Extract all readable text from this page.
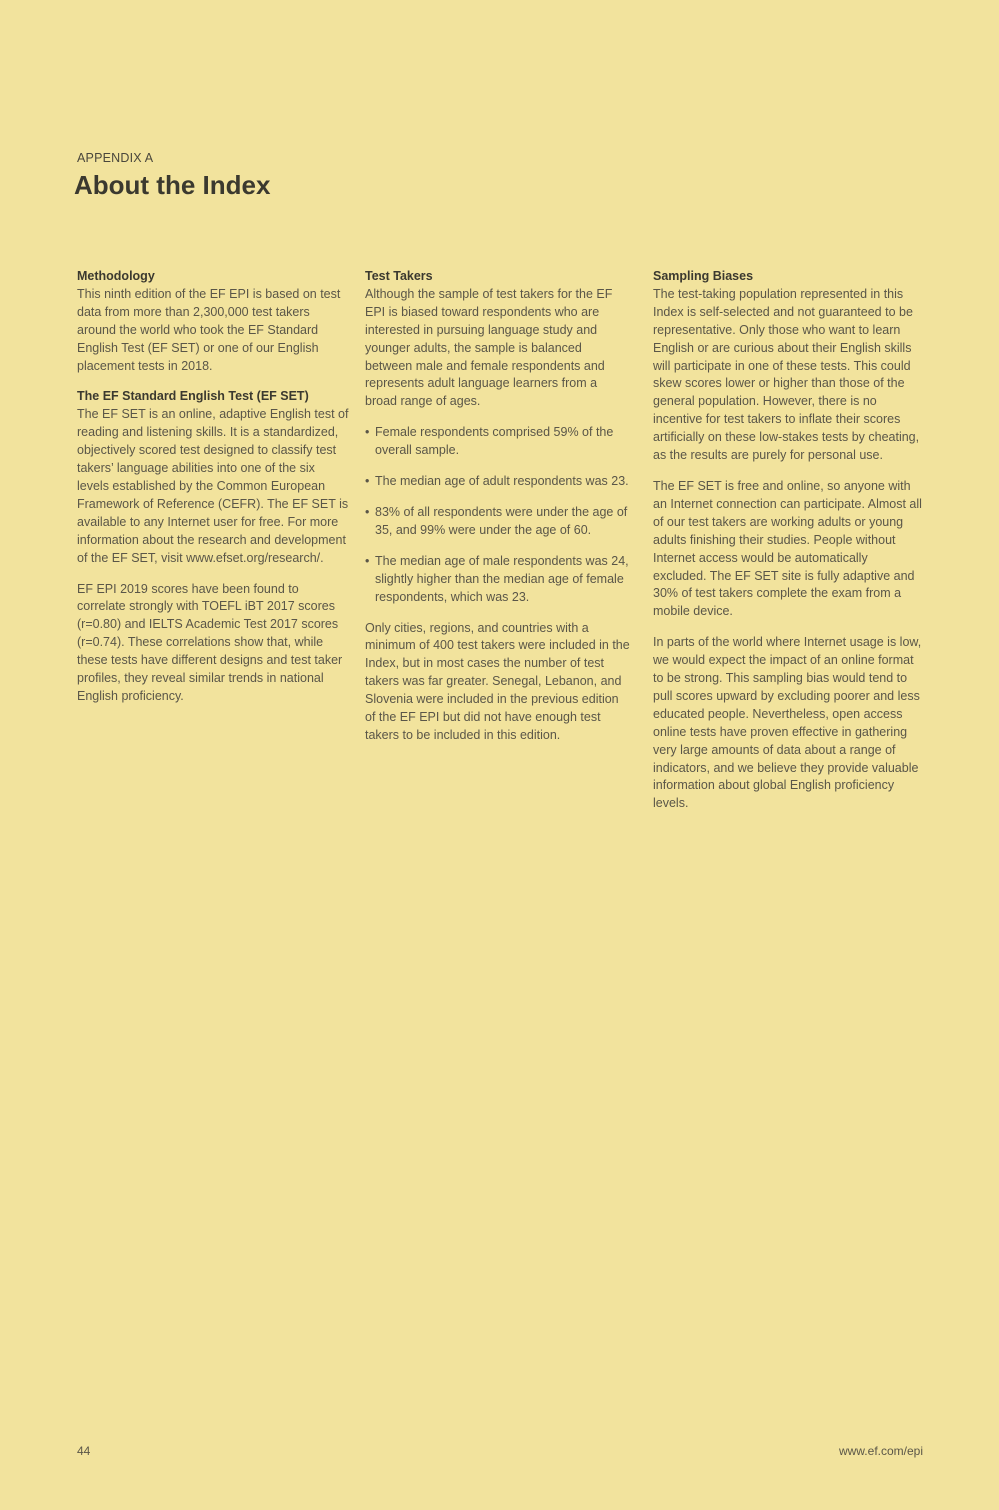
APPENDIX A
About the Index
Methodology

This ninth edition of the EF EPI is based on test data from more than 2,300,000 test takers around the world who took the EF Standard English Test (EF SET) or one of our English placement tests in 2018.

The EF Standard English Test (EF SET)

The EF SET is an online, adaptive English test of reading and listening skills. It is a standardized, objectively scored test designed to classify test takers’ language abilities into one of the six levels established by the Common European Framework of Reference (CEFR). The EF SET is available to any Internet user for free. For more information about the research and development of the EF SET, visit www.efset.org/research/.

EF EPI 2019 scores have been found to correlate strongly with TOEFL iBT 2017 scores (r=0.80) and IELTS Academic Test 2017 scores (r=0.74). These correlations show that, while these tests have different designs and test taker profiles, they reveal similar trends in national English proficiency.

Test Takers

Although the sample of test takers for the EF EPI is biased toward respondents who are interested in pursuing language study and younger adults, the sample is balanced between male and female respondents and represents adult language learners from a broad range of ages.

• Female respondents comprised 59% of the overall sample.
• The median age of adult respondents was 23.
• 83% of all respondents were under the age of 35, and 99% were under the age of 60.
• The median age of male respondents was 24, slightly higher than the median age of female respondents, which was 23.

Only cities, regions, and countries with a minimum of 400 test takers were included in the Index, but in most cases the number of test takers was far greater. Senegal, Lebanon, and Slovenia were included in the previous edition of the EF EPI but did not have enough test takers to be included in this edition.

Sampling Biases

The test-taking population represented in this Index is self-selected and not guaranteed to be representative. Only those who want to learn English or are curious about their English skills will participate in one of these tests. This could skew scores lower or higher than those of the general population. However, there is no incentive for test takers to inflate their scores artificially on these low-stakes tests by cheating, as the results are purely for personal use.

The EF SET is free and online, so anyone with an Internet connection can participate. Almost all of our test takers are working adults or young adults finishing their studies. People without Internet access would be automatically excluded. The EF SET site is fully adaptive and 30% of test takers complete the exam from a mobile device.

In parts of the world where Internet usage is low, we would expect the impact of an online format to be strong. This sampling bias would tend to pull scores upward by excluding poorer and less educated people. Nevertheless, open access online tests have proven effective in gathering very large amounts of data about a range of indicators, and we believe they provide valuable information about global English proficiency levels.

44	www.ef.com/epi
